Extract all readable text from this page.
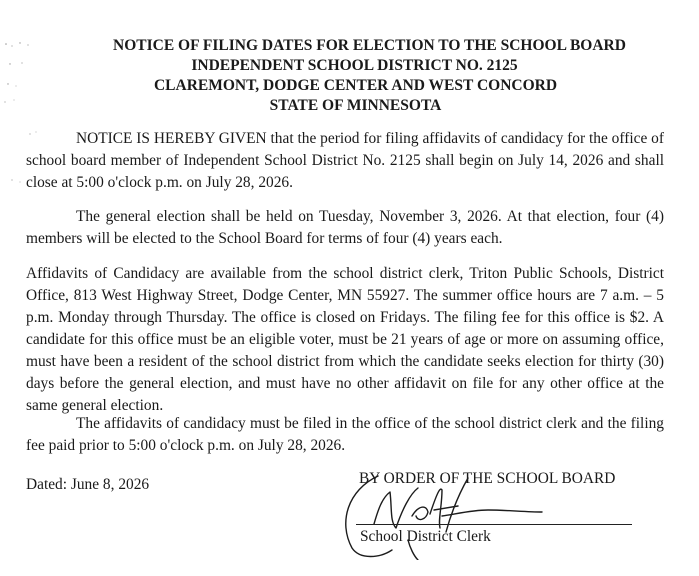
NOTICE OF FILING DATES FOR ELECTION TO THE SCHOOL BOARD
INDEPENDENT SCHOOL DISTRICT NO. 2125
CLAREMONT, DODGE CENTER AND WEST CONCORD
STATE OF MINNESOTA
NOTICE IS HEREBY GIVEN that the period for filing affidavits of candidacy for the office of school board member of Independent School District No. 2125 shall begin on July 14, 2026 and shall close at 5:00 o'clock p.m. on July 28, 2026.
The general election shall be held on Tuesday, November 3, 2026. At that election, four (4) members will be elected to the School Board for terms of four (4) years each.
Affidavits of Candidacy are available from the school district clerk, Triton Public Schools, District Office, 813 West Highway Street, Dodge Center, MN 55927. The summer office hours are 7 a.m. – 5 p.m. Monday through Thursday. The office is closed on Fridays. The filing fee for this office is $2. A candidate for this office must be an eligible voter, must be 21 years of age or more on assuming office, must have been a resident of the school district from which the candidate seeks election for thirty (30) days before the general election, and must have no other affidavit on file for any other office at the same general election.
The affidavits of candidacy must be filed in the office of the school district clerk and the filing fee paid prior to 5:00 o'clock p.m. on July 28, 2026.
Dated: June 8, 2026	BY ORDER OF THE SCHOOL BOARD
School District Clerk
